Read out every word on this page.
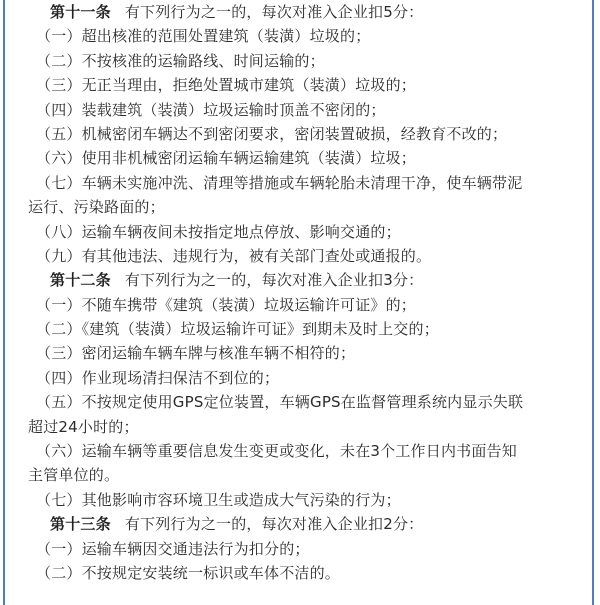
第十一条 有下列行为之一的，每次对准入企业扣5分：
（一）超出核准的范围处置建筑（装潢）垃圾的；
（二）不按核准的运输路线、时间运输的；
（三）无正当理由，拒绝处置城市建筑（装潢）垃圾的；
（四）装载建筑（装潢）垃圾运输时顶盖不密闭的；
（五）机械密闭车辆达不到密闭要求，密闭装置破损，经教育不改的；
（六）使用非机械密闭运输车辆运输建筑（装潢）垃圾；
（七）车辆未实施冲洗、清理等措施或车辆轮胎未清理干净，使车辆带泥
运行、污染路面的；
（八）运输车辆夜间未按指定地点停放、影响交通的；
（九）有其他违法、违规行为，被有关部门查处或通报的。
第十二条 有下列行为之一的，每次对准入企业扣3分：
（一）不随车携带《建筑（装潢）垃圾运输许可证》的；
（二）《建筑（装潢）垃圾运输许可证》到期未及时上交的；
（三）密闭运输车辆车牌与核准车辆不相符的；
（四）作业现场清扫保洁不到位的；
（五）不按规定使用GPS定位装置，车辆GPS在监督管理系统内显示失联
超过24小时的；
（六）运输车辆等重要信息发生变更或变化，未在3个工作日内书面告知
主管单位的。
（七）其他影响市容环境卫生或造成大气污染的行为；
第十三条 有下列行为之一的，每次对准入企业扣2分：
（一）运输车辆因交通违法行为扣分的；
（二）不按规定安装统一标识或车体不洁的。
